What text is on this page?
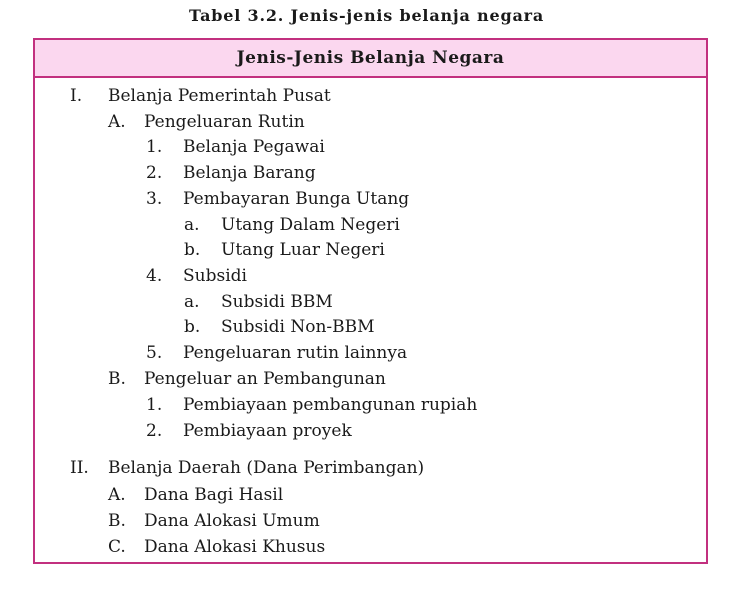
Tabel 3.2. Jenis-jenis belanja negara
Jenis-Jenis Belanja Negara
I. Belanja Pemerintah Pusat
A. Pengeluaran Rutin
1. Belanja Pegawai
2. Belanja Barang
3. Pembayaran Bunga Utang
a. Utang Dalam Negeri
b. Utang Luar Negeri
4. Subsidi
a. Subsidi BBM
b. Subsidi Non-BBM
5. Pengeluaran rutin lainnya
B. Pengeluar an Pembangunan
1. Pembiayaan pembangunan rupiah
2. Pembiayaan proyek
II. Belanja Daerah (Dana Perimbangan)
A. Dana Bagi Hasil
B. Dana Alokasi Umum
C. Dana Alokasi Khusus
